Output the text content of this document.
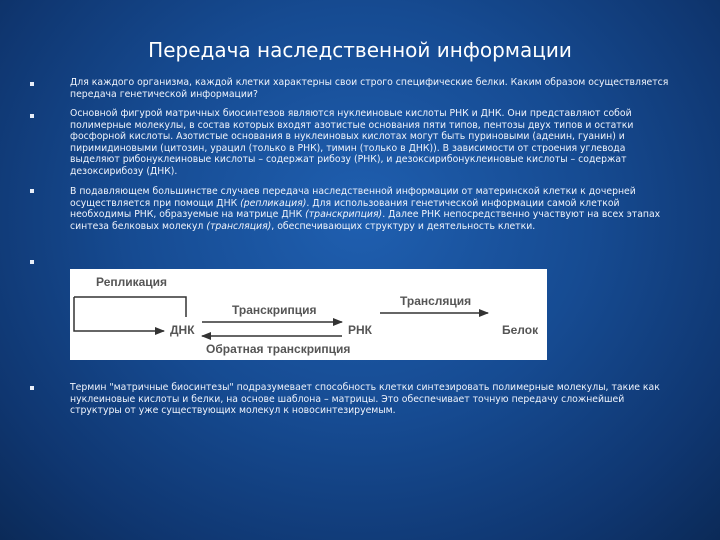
Передача наследственной информации
Для каждого организма, каждой клетки характерны свои строго специфические белки. Каким образом осуществляется передача генетической информации?
Основной фигурой матричных биосинтезов являются нуклеиновые кислоты РНК и ДНК. Они представляют собой полимерные молекулы, в состав которых входят азотистые основания пяти типов, пентозы двух типов и остатки фосфорной кислоты. Азотистые основания в нуклеиновых кислотах могут быть пуриновыми (аденин, гуанин) и пиримидиновыми (цитозин, урацил (только в РНК), тимин (только в ДНК)). В зависимости от строения углевода выделяют рибонуклеиновые кислоты – содержат рибозу (РНК), и дезоксирибонуклеиновые кислоты – содержат дезоксирибозу (ДНК).
В подавляющем большинстве случаев передача наследственной информации от материнской клетки к дочерней осуществляется при помощи ДНК (репликация). Для использования генетической информации самой клеткой необходимы РНК, образуемые на матрице ДНК (транскрипция). Далее РНК непосредственно участвуют на всех этапах синтеза белковых молекул (трансляция), обеспечивающих структуру и деятельность клетки.
Термин "матричные биосинтезы" подразумевает способность клетки синтезировать полимерные молекулы, такие как нуклеиновые кислоты и белки, на основе шаблона – матрицы. Это обеспечивает точную передачу сложнейшей структуры от уже существующих молекул к новосинтезируемым.
Репликация
ДНК	РНК	Белок
Транскрипция
Обратная транскрипция
Трансляция
